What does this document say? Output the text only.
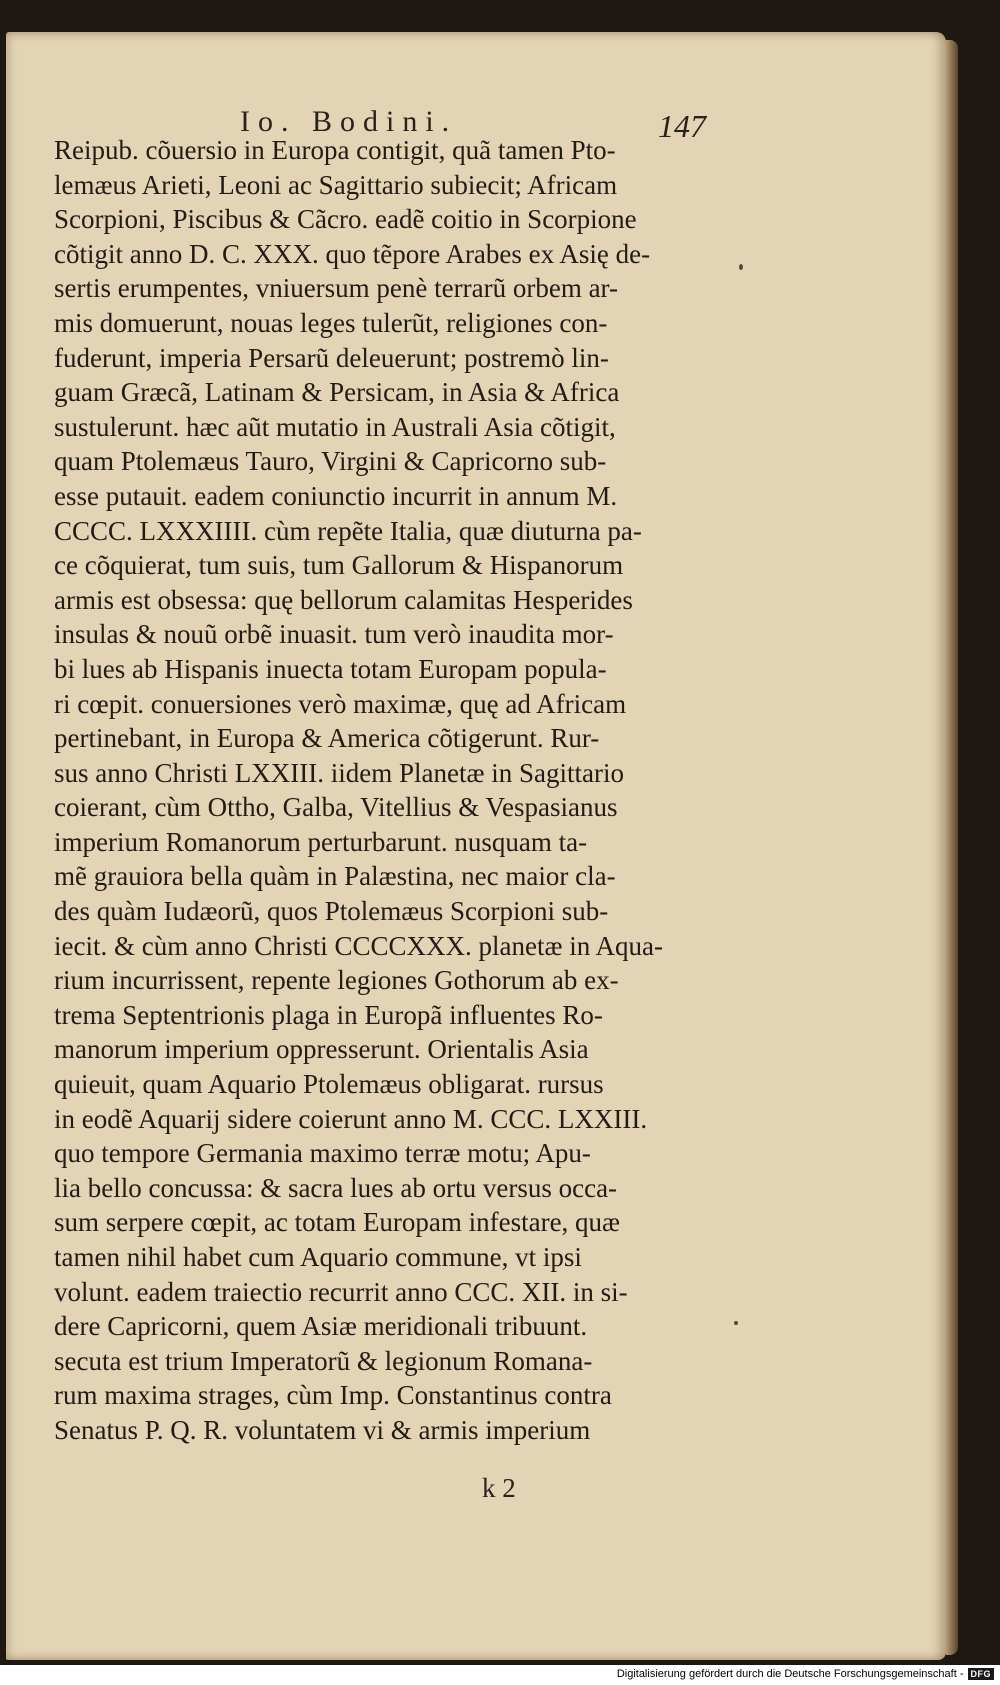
Io. Bodini.	147
Reipub. cõuersio in Europa contigit, quã tamen Pto-
lemæus Arieti, Leoni ac Sagittario subiecit; Africam
Scorpioni, Piscibus & Cãcro. eadẽ coitio in Scorpione
cõtigit anno D. C. XXX. quo tẽpore Arabes ex Asię de-
sertis erumpentes, vniuersum penè terrarũ orbem ar-
mis domuerunt, nouas leges tulerũt, religiones con-
fuderunt, imperia Persarũ deleuerunt; postremò lin-
guam Græcã, Latinam & Persicam, in Asia & Africa
sustulerunt. hæc aũt mutatio in Australi Asia cõtigit,
quam Ptolemæus Tauro, Virgini & Capricorno sub-
esse putauit. eadem coniunctio incurrit in annum M.
CCCC. LXXXIIII. cùm repẽte Italia, quæ diuturna pa-
ce cõquierat, tum suis, tum Gallorum & Hispanorum
armis est obsessa: quę bellorum calamitas Hesperides
insulas & nouũ orbẽ inuasit. tum verò inaudita mor-
bi lues ab Hispanis inuecta totam Europam popula-
ri cœpit. conuersiones verò maximæ, quę ad Africam
pertinebant, in Europa & America cõtigerunt. Rur-
sus anno Christi LXXIII. iidem Planetæ in Sagittario
coierant, cùm Ottho, Galba, Vitellius & Vespasianus
imperium Romanorum perturbarunt. nusquam ta-
mẽ grauiora bella quàm in Palæstina, nec maior cla-
des quàm Iudæorũ, quos Ptolemæus Scorpioni sub-
iecit. & cùm anno Christi CCCCXXX. planetæ in Aqua-
rium incurrissent, repente legiones Gothorum ab ex-
trema Septentrionis plaga in Europã influentes Ro-
manorum imperium oppresserunt. Orientalis Asia
quieuit, quam Aquario Ptolemæus obligarat. rursus
in eodẽ Aquarij sidere coierunt anno M. CCC. LXXIII.
quo tempore Germania maximo terræ motu; Apu-
lia bello concussa: & sacra lues ab ortu versus occa-
sum serpere cœpit, ac totam Europam infestare, quæ
tamen nihil habet cum Aquario commune, vt ipsi
volunt. eadem traiectio recurrit anno CCC. XII. in si-
dere Capricorni, quem Asiæ meridionali tribuunt.
secuta est trium Imperatorũ & legionum Romana-
rum maxima strages, cùm Imp. Constantinus contra
Senatus P. Q. R. voluntatem vi & armis imperium
k 2
Digitalisierung gefördert durch die Deutsche Forschungsgemeinschaft - DFG
